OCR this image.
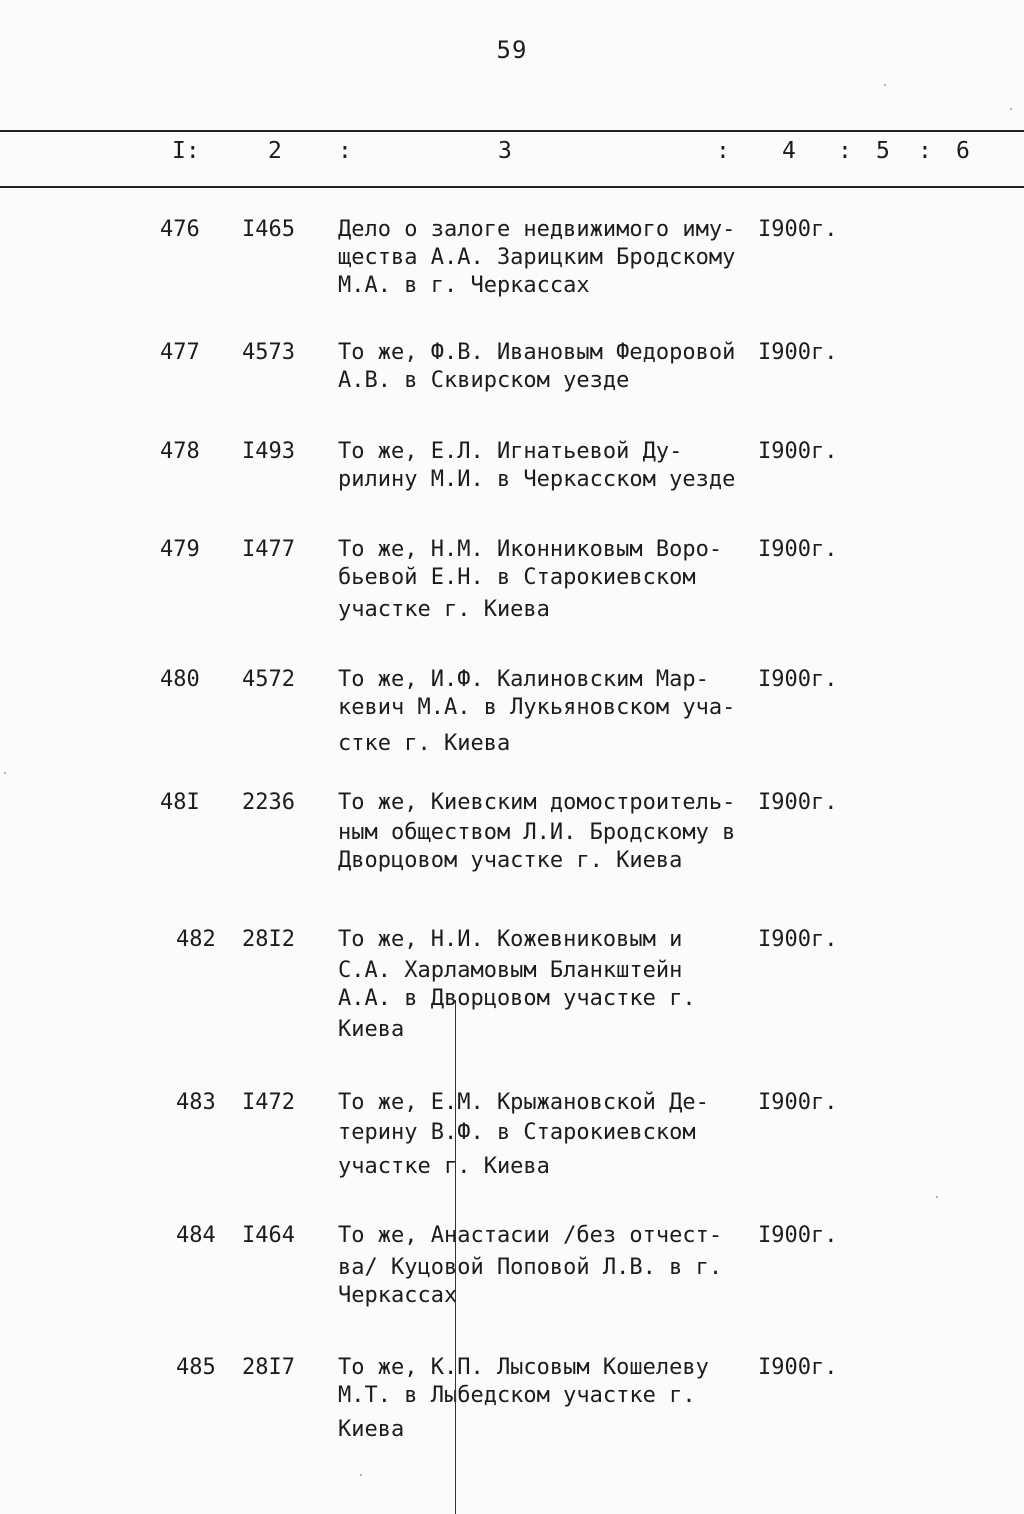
59
I:	2 :	3	: 4 : 5 : 6
476 I465 Дело о залоге недвижимого иму-
щества А.А. Зарицким Бродскому
М.А. в г. Черкассах
I900г.
477 4573 То же, Ф.В. Ивановым Федоровой
А.В. в Сквирском уезде
I900г.
478 I493 То же, Е.Л. Игнатьевой Ду-
рилину М.И. в Черкасском уезде
I900г.
479 I477 То же, Н.М. Иконниковым Воро-
бьевой Е.Н. в Старокиевском
участке г. Киева
I900г.
480 4572 То же, И.Ф. Калиновским Мар-
кевич М.А. в Лукьяновском уча-
стке г. Киева
I900г.
48I 2236 То же, Киевским домостроитель-
ным обществом Л.И. Бродскому в
Дворцовом участке г. Киева
I900г.
482 28I2 То же, Н.И. Кожевниковым и
С.А. Харламовым Бланкштейн
А.А. в Дворцовом участке г.
Киева
I900г.
483 I472 То же, Е.М. Крыжановской Де-
терину В.Ф. в Старокиевском
участке г. Киева
I900г.
484 I464 То же, Анастасии /без отчест-
ва/ Куцовой Поповой Л.В. в г.
Черкассах
I900г.
485 28I7 То же, К.П. Лысовым Кошелеву
М.Т. в Лыбедском участке г.
Киева
I900г.
